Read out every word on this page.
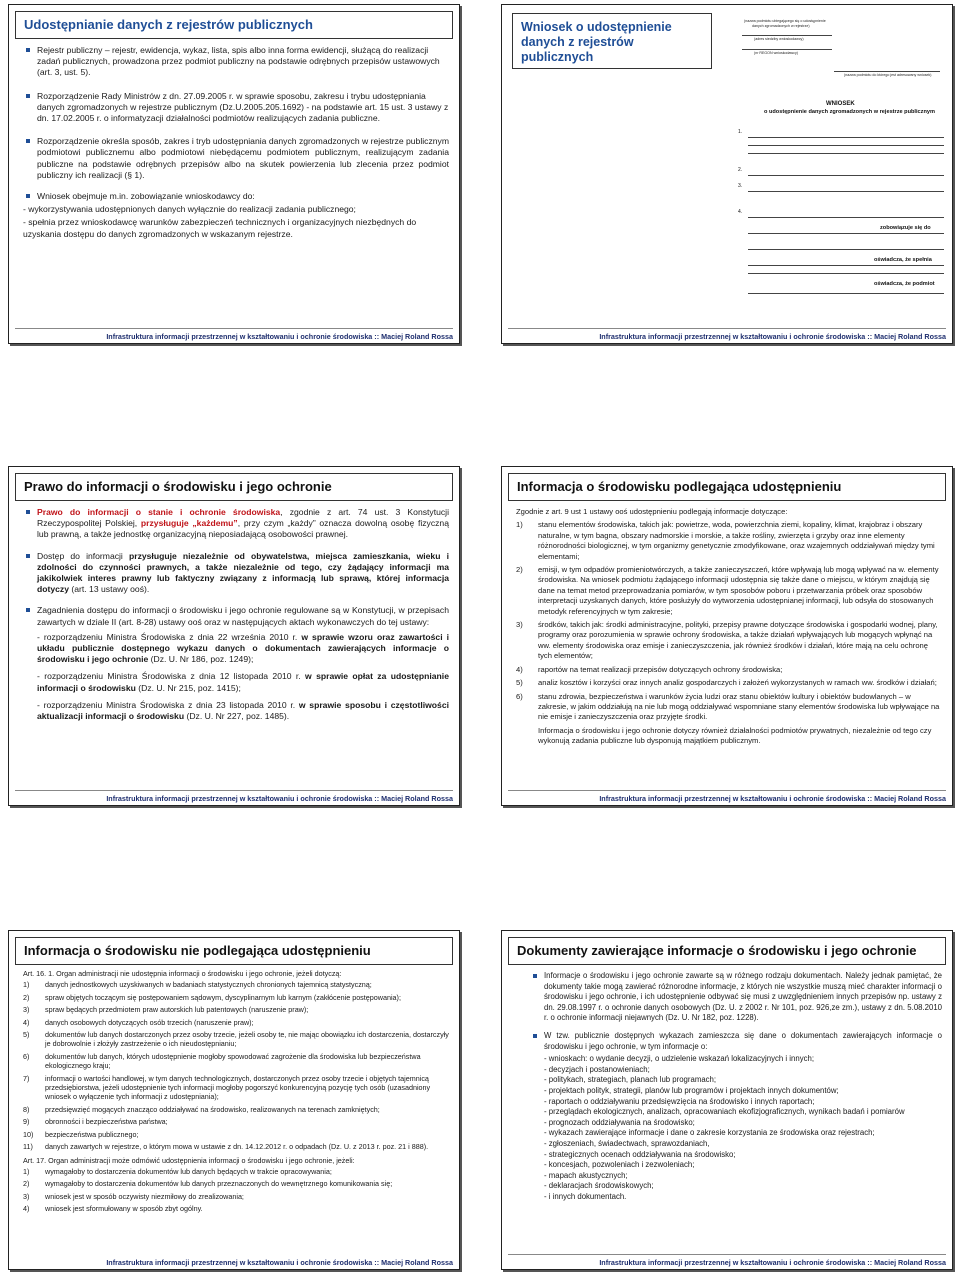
Udostępnianie danych z rejestrów publicznych
Rejestr publiczny – rejestr, ewidencja, wykaz, lista, spis albo inna forma ewidencji, służącą do realizacji zadań publicznych, prowadzona przez podmiot publiczny na podstawie odrębnych przepisów ustawowych (art. 3, ust. 5).
Rozporządzenie Rady Ministrów z dn. 27.09.2005 r. w sprawie sposobu, zakresu i trybu udostępniania danych zgromadzonych w rejestrze publicznym (Dz.U.2005.205.1692) - na podstawie art. 15 ust. 3 ustawy z dn. 17.02.2005 r. o informatyzacji działalności podmiotów realizujących zadania publiczne.
Rozporządzenie określa sposób, zakres i tryb udostępniania danych zgromadzonych w rejestrze publicznym podmiotowi publicznemu albo podmiotowi niebędącemu podmiotem publicznym, realizującym zadania publiczne na podstawie odrębnych przepisów albo na skutek powierzenia lub zlecenia przez podmiot publiczny ich realizacji (§ 1).
Wniosek obejmuje m.in. zobowiązanie wnioskodawcy do:

- wykorzystywania udostępnionych danych wyłącznie do realizacji zadania publicznego;

- spełnia przez wnioskodawcę warunków zabezpieczeń technicznych i organizacyjnych niezbędnych do uzyskania dostępu do danych zgromadzonych w wskazanym rejestrze.

Infrastruktura informacji przestrzennej w kształtowaniu i ochronie środowiska :: Maciej Roland Rossa
Wniosek o udostępnienie danych z rejestrów publicznych
(nazwa podmiotu ubiegającego się o udostępnienie
danych zgromadzonych w rejestrze)
(adres siedziby wnioskodawcy)
(nr REGON wnioskodawcy)
(nazwa podmiotu do którego jest adresowany wniosek)
WNIOSEK
o udostępnienie danych zgromadzonych w rejestrze publicznym
1.
2.
3.
4.
zobowiązuje się do
oświadcza, że spełnia
oświadcza, że podmiot
Infrastruktura informacji przestrzennej w kształtowaniu i ochronie środowiska :: Maciej Roland Rossa
Prawo do informacji o środowisku i jego ochronie
Prawo do informacji o stanie i ochronie środowiska, zgodnie z art. 74 ust. 3 Konstytucji Rzeczypospolitej Polskiej, przysługuje „każdemu”, przy czym „każdy” oznacza dowolną osobę fizyczną lub prawną, a także jednostkę organizacyjną nieposiadającą osobowości prawnej.
Dostęp do informacji przysługuje niezależnie od obywatelstwa, miejsca zamieszkania, wieku i zdolności do czynności prawnych, a także niezależnie od tego, czy żądający informacji ma jakikolwiek interes prawny lub faktyczny związany z informacją lub sprawą, której informacja dotyczy (art. 13 ustawy ooś).
Zagadnienia dostępu do informacji o środowisku i jego ochronie regulowane są w Konstytucji, w przepisach zawartych w dziale II (art. 8-28) ustawy ooś oraz w następujących aktach wykonawczych do tej ustawy:

- rozporządzeniu Ministra Środowiska z dnia 22 września 2010 r. w sprawie wzoru oraz zawartości i układu publicznie dostępnego wykazu danych o dokumentach zawierających informacje o środowisku i jego ochronie (Dz. U. Nr 186, poz. 1249);

- rozporządzeniu Ministra Środowiska z dnia 12 listopada 2010 r. w sprawie opłat za udostępnianie informacji o środowisku (Dz. U. Nr 215, poz. 1415);

- rozporządzeniu Ministra Środowiska z dnia 23 listopada 2010 r. w sprawie sposobu i częstotliwości aktualizacji informacji o środowisku (Dz. U. Nr 227, poz. 1485).

Infrastruktura informacji przestrzennej w kształtowaniu i ochronie środowiska :: Maciej Roland Rossa
Informacja o środowisku podlegająca udostępnieniu

Zgodnie z art. 9 ust 1 ustawy ooś udostępnieniu podlegają informacje dotyczące:

1) stanu elementów środowiska, takich jak: powietrze, woda, powierzchnia ziemi, kopaliny, klimat, krajobraz i obszary naturalne, w tym bagna, obszary nadmorskie i morskie, a także rośliny, zwierzęta i grzyby oraz inne elementy różnorodności biologicznej, w tym organizmy genetycznie zmodyfikowane, oraz wzajemnych oddziaływań między tymi elementami;
2) emisji, w tym odpadów promieniotwórczych, a także zanieczyszczeń, które wpływają lub mogą wpływać na w. elementy środowiska. Na wniosek podmiotu żądającego informacji udostępnia się także dane o miejscu, w którym znajdują się dane na temat metod przeprowadzania pomiarów, w tym sposobów poboru i przetwarzania próbek oraz sposobów interpretacji uzyskanych danych, które posłużyły do wytworzenia udostępnianej informacji, lub odsyła do stosowanych metodyk referencyjnych w tym zakresie;
3) środków, takich jak: środki administracyjne, polityki, przepisy prawne dotyczące środowiska i gospodarki wodnej, plany, programy oraz porozumienia w sprawie ochrony środowiska, a także działań wpływających lub mogących wpłynąć na ww. elementy środowiska oraz emisje i zanieczyszczenia, jak również środków i działań, które mają na celu ochronę tych elementów;
4) raportów na temat realizacji przepisów dotyczących ochrony środowiska;
5) analiz kosztów i korzyści oraz innych analiz gospodarczych i założeń wykorzystanych w ramach ww. środków i działań;
6) stanu zdrowia, bezpieczeństwa i warunków życia ludzi oraz stanu obiektów kultury i obiektów budowlanych – w zakresie, w jakim oddziałują na nie lub mogą oddziaływać wspomniane stany elementów środowiska lub wpływające na nie emisje i zanieczyszczenia oraz przyjęte środki.

Informacja o środowisku i jego ochronie dotyczy również działalności podmiotów prywatnych, niezależnie od tego czy wykonują zadania publiczne lub dysponują majątkiem publicznym.

Infrastruktura informacji przestrzennej w kształtowaniu i ochronie środowiska :: Maciej Roland Rossa
Informacja o środowisku nie podlegająca udostępnieniu

Art. 16. 1. Organ administracji nie udostępnia informacji o środowisku i jego ochronie, jeżeli dotyczą:

1) danych jednostkowych uzyskiwanych w badaniach statystycznych chronionych tajemnicą statystyczną;
2) spraw objętych toczącym się postępowaniem sądowym, dyscyplinarnym lub karnym (zakłócenie postępowania);
3) spraw będących przedmiotem praw autorskich lub patentowych (naruszenie praw);
4) danych osobowych dotyczących osób trzecich (naruszenie praw);
5) dokumentów lub danych dostarczonych przez osoby trzecie, jeżeli osoby te, nie mając obowiązku ich dostarczenia, dostarczyły je dobrowolnie i złożyły zastrzeżenie o ich nieudostępnianiu;
6) dokumentów lub danych, których udostępnienie mogłoby spowodować zagrożenie dla środowiska lub bezpieczeństwa ekologicznego kraju;
7) informacji o wartości handlowej, w tym danych technologicznych, dostarczonych przez osoby trzecie i objętych tajemnicą przedsiębiorstwa, jeżeli udostępnienie tych informacji mogłoby pogorszyć konkurencyjną pozycję tych osób (uzasadniony wniosek o wyłączenie tych informacji z udostępniania);
8) przedsięwzięć mogących znacząco oddziaływać na środowisko, realizowanych na terenach zamkniętych;
9) obronności i bezpieczeństwa państwa;
10) bezpieczeństwa publicznego;
11) danych zawartych w rejestrze, o którym mowa w ustawie z dn. 14.12.2012 r. o odpadach (Dz. U. z 2013 r. poz. 21 i 888).

Art. 17. Organ administracji może odmówić udostępnienia informacji o środowisku i jego ochronie, jeżeli:

1) wymagałoby to dostarczenia dokumentów lub danych będących w trakcie opracowywania;
2) wymagałoby to dostarczenia dokumentów lub danych przeznaczonych do wewnętrznego komunikowania się;
3) wniosek jest w sposób oczywisty niezmiłowy do zrealizowania;
4) wniosek jest sformułowany w sposób zbyt ogólny.
Infrastruktura informacji przestrzennej w kształtowaniu i ochronie środowiska :: Maciej Roland Rossa
Dokumenty zawierające informacje o środowisku i jego ochronie
Informacje o środowisku i jego ochronie zawarte są w różnego rodzaju dokumentach. Należy jednak pamiętać, że dokumenty takie mogą zawierać różnorodne informacje, z których nie wszystkie muszą mieć charakter informacji o środowisku i jego ochronie, i ich udostępnienie odbywać się musi z uwzględnieniem innych przepisów np. ustawy z dn. 29.08.1997 r. o ochronie danych osobowych (Dz. U. z 2002 r. Nr 101, poz. 926,ze zm.), ustawy z dn. 5.08.2010 r. o ochronie informacji niejawnych (Dz. U. Nr 182, poz. 1228).
W tzw. publicznie dostępnych wykazach zamieszcza się dane o dokumentach zawierających informacje o środowisku i jego ochronie, w tym informacje o:
- wnioskach: o wydanie decyzji, o udzielenie wskazań lokalizacyjnych i innych;
- decyzjach i postanowieniach;
- politykach, strategiach, planach lub programach;
- projektach polityk, strategii, planów lub programów i projektach innych dokumentów;
- raportach o oddziaływaniu przedsięwzięcia na środowisko i innych raportach;
- przeglądach ekologicznych, analizach, opracowaniach ekofizjograficznych, wynikach badań i pomiarów
- prognozach oddziaływania na środowisko;
- wykazach zawierające informacje i dane o zakresie korzystania ze środowiska oraz rejestrach;
- zgłoszeniach, świadectwach, sprawozdaniach,
- strategicznych ocenach oddziaływania na środowisko;
- koncesjach, pozwoleniach i zezwoleniach;
- mapach akustycznych;
- deklaracjach środowiskowych;
- i innych dokumentach.
Infrastruktura informacji przestrzennej w kształtowaniu i ochronie środowiska :: Maciej Roland Rossa
